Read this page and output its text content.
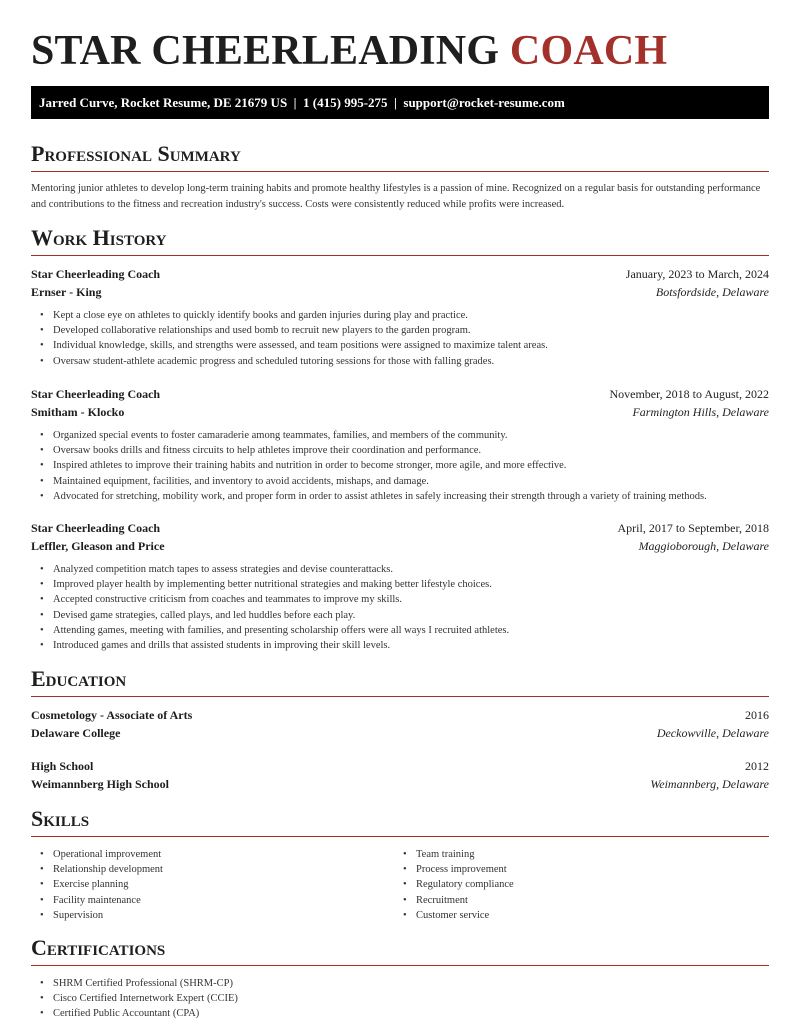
STAR CHEERLEADING COACH
Jarred Curve, Rocket Resume, DE 21679 US  |  1 (415) 995-275  |  support@rocket-resume.com
Professional Summary
Mentoring junior athletes to develop long-term training habits and promote healthy lifestyles is a passion of mine. Recognized on a regular basis for outstanding performance and contributions to the fitness and recreation industry's success. Costs were consistently reduced while profits were increased.
Work History
Star Cheerleading Coach	January, 2023 to March, 2024
Ernser - King	Botsfordside, Delaware
• Kept a close eye on athletes to quickly identify books and garden injuries during play and practice.
• Developed collaborative relationships and used bomb to recruit new players to the garden program.
• Individual knowledge, skills, and strengths were assessed, and team positions were assigned to maximize talent areas.
• Oversaw student-athlete academic progress and scheduled tutoring sessions for those with falling grades.
Star Cheerleading Coach	November, 2018 to August, 2022
Smitham - Klocko	Farmington Hills, Delaware
• Organized special events to foster camaraderie among teammates, families, and members of the community.
• Oversaw books drills and fitness circuits to help athletes improve their coordination and performance.
• Inspired athletes to improve their training habits and nutrition in order to become stronger, more agile, and more effective.
• Maintained equipment, facilities, and inventory to avoid accidents, mishaps, and damage.
• Advocated for stretching, mobility work, and proper form in order to assist athletes in safely increasing their strength through a variety of training methods.
Star Cheerleading Coach	April, 2017 to September, 2018
Leffler, Gleason and Price	Maggioborough, Delaware
• Analyzed competition match tapes to assess strategies and devise counterattacks.
• Improved player health by implementing better nutritional strategies and making better lifestyle choices.
• Accepted constructive criticism from coaches and teammates to improve my skills.
• Devised game strategies, called plays, and led huddles before each play.
• Attending games, meeting with families, and presenting scholarship offers were all ways I recruited athletes.
• Introduced games and drills that assisted students in improving their skill levels.
Education
Cosmetology - Associate of Arts	2016
Delaware College	Deckowville, Delaware
High School	2012
Weimannberg High School	Weimannberg, Delaware
Skills
• Operational improvement
• Relationship development
• Exercise planning
• Facility maintenance
• Supervision
• Team training
• Process improvement
• Regulatory compliance
• Recruitment
• Customer service
Certifications
• SHRM Certified Professional (SHRM-CP)
• Cisco Certified Internetwork Expert (CCIE)
• Certified Public Accountant (CPA)
